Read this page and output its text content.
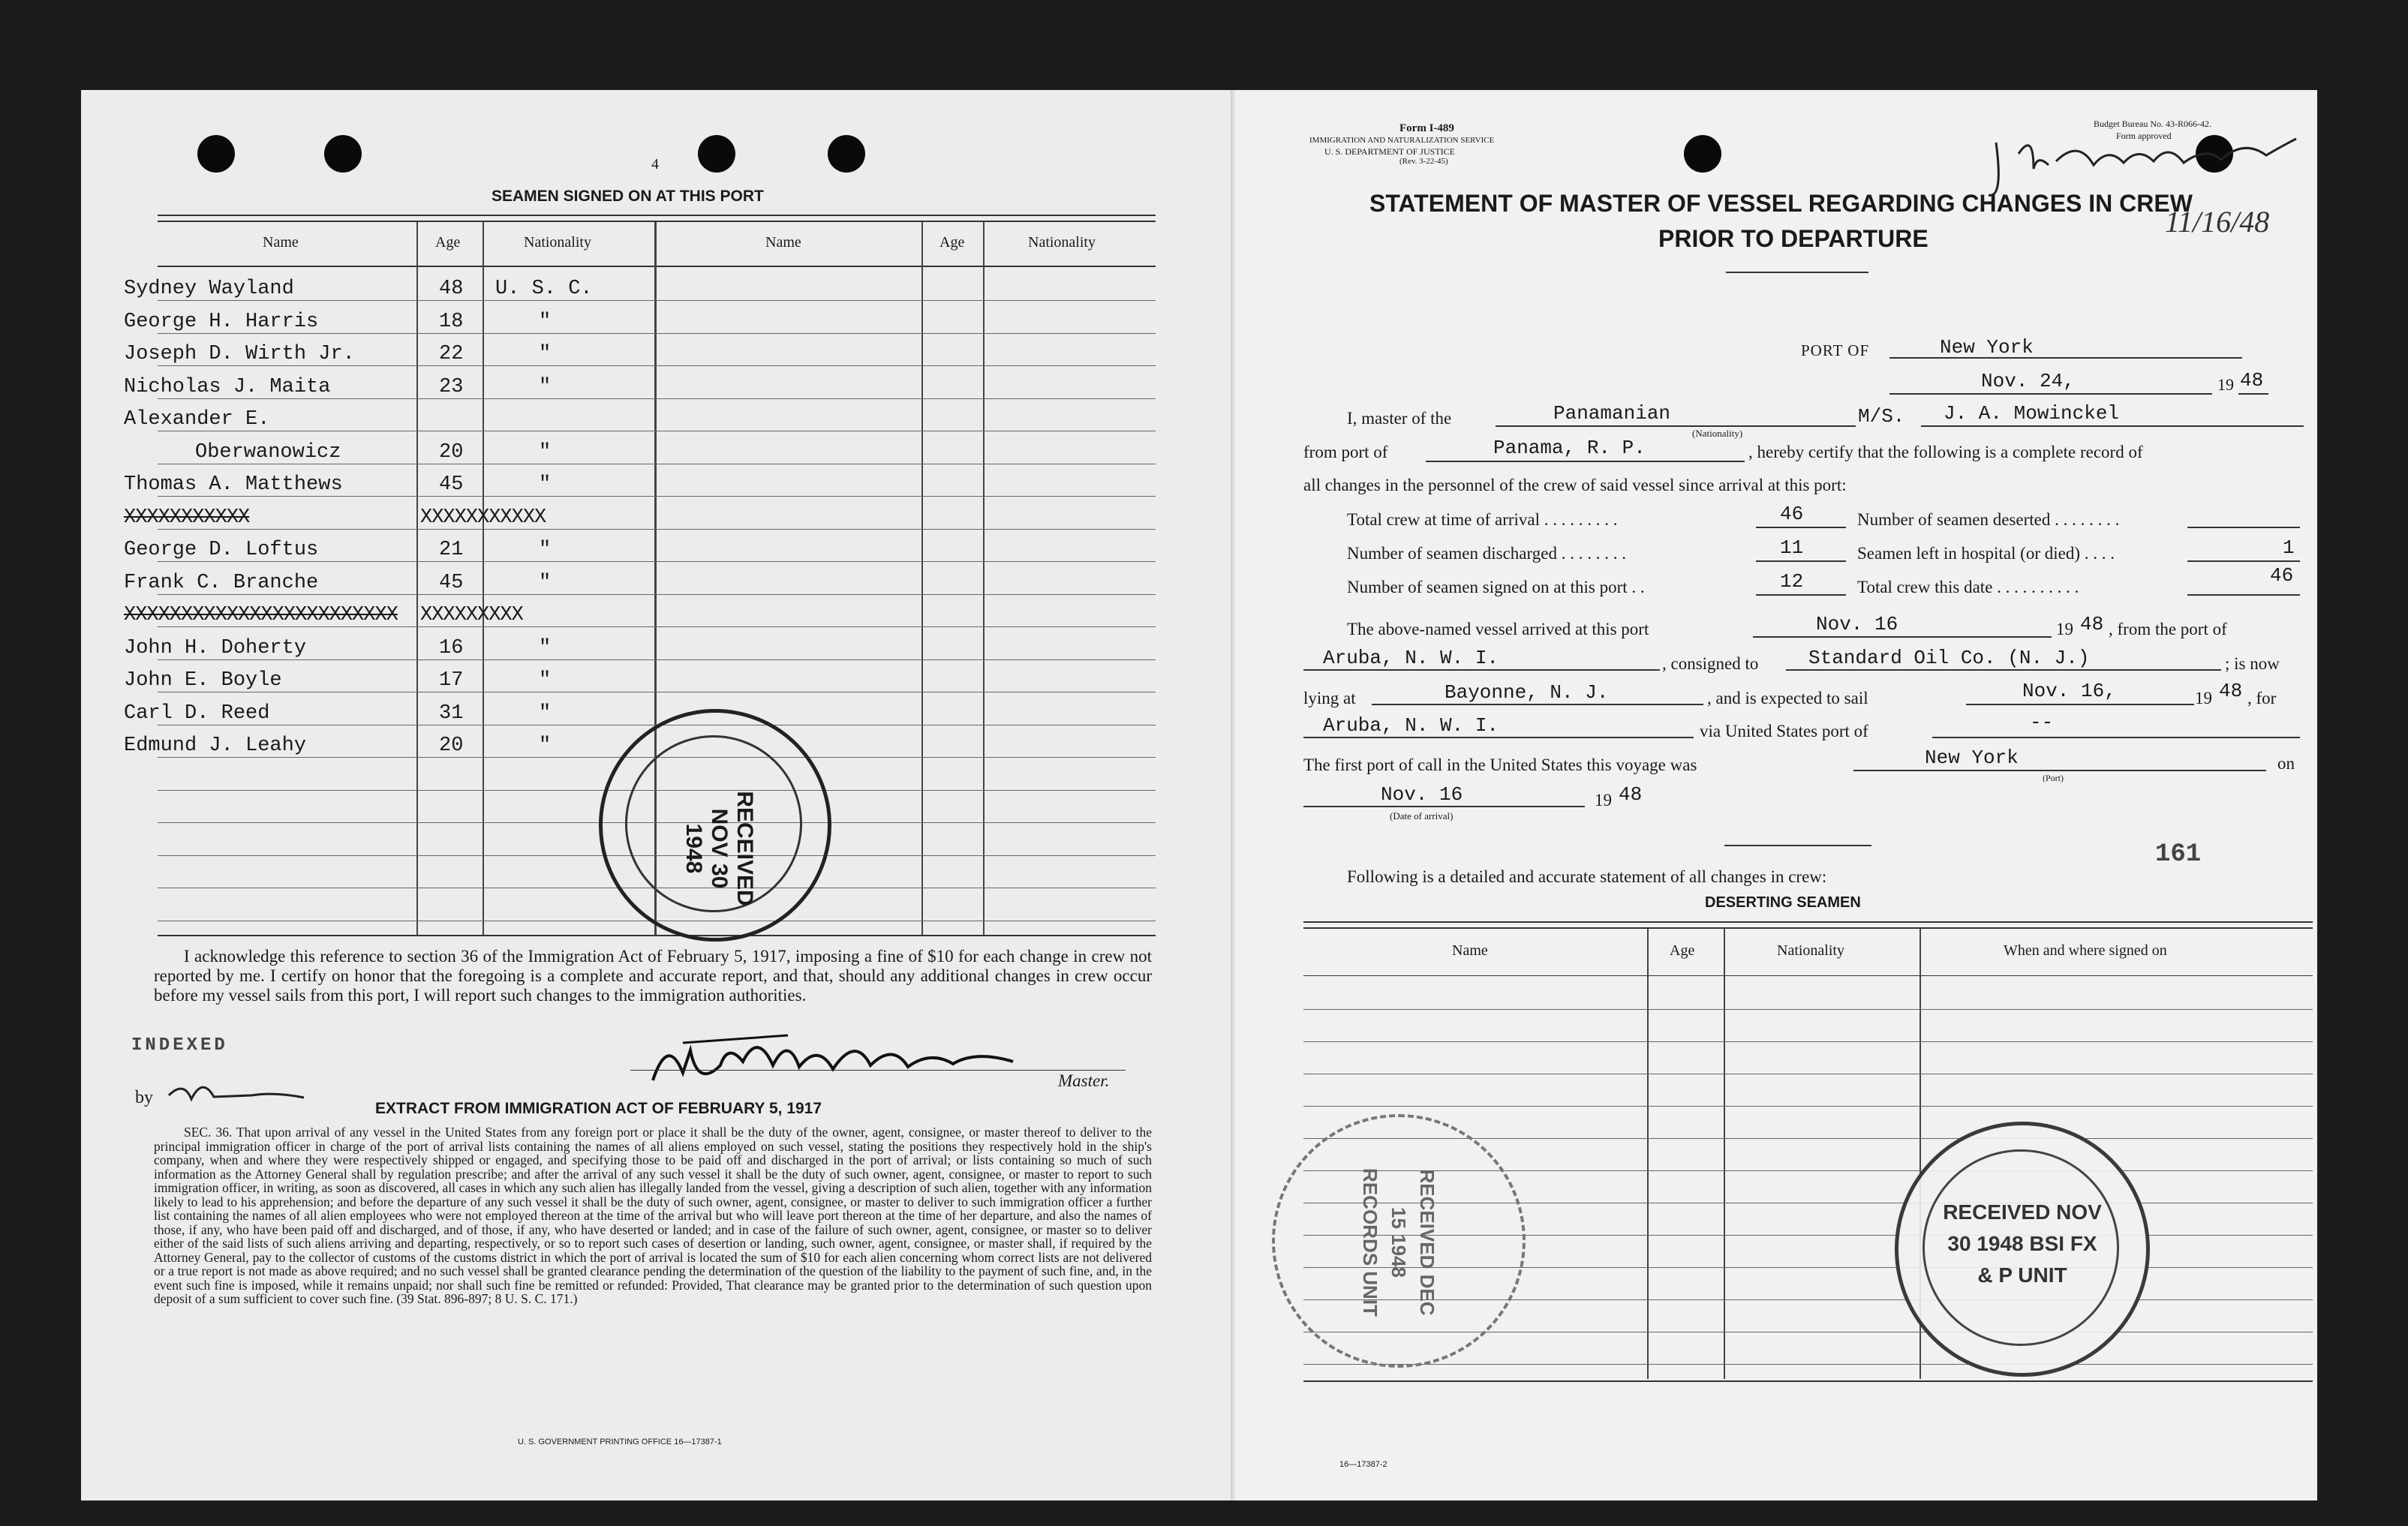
4
SEAMEN SIGNED ON AT THIS PORT
Name	Age	Nationality	Name	Age	Nationality
Sydney Wayland	48 U. S. C.
George H. Harris	18	"
Joseph D. Wirth Jr.	22	"
Nicholas J. Maita	23	"
Alexander E.
Oberwanowicz	20	"
Thomas A. Matthews	45	"
XXXXXXXXXXX	XXXXXXXXXXX
George D. Loftus	21	"
Frank C. Branche	45	"
XXXXXXXXXXXXXXXXXXXXXXXX XXXXXXXXX
John H. Doherty	16	"
John E. Boyle	17	"
Carl D. Reed	31	"
Edmund J. Leahy	20	"
RECEIVED NOV 30 1948
I acknowledge this reference to section 36 of the Immigration Act of February 5, 1917, imposing a fine of $10 for each change in crew not reported by me. I certify on honor that the foregoing is a complete and accurate report, and that, should any additional changes in crew occur before my vessel sails from this port, I will report such changes to the immigration authorities.
INDEXED
by
Master.
EXTRACT FROM IMMIGRATION ACT OF FEBRUARY 5, 1917
SEC. 36. That upon arrival of any vessel in the United States from any foreign port or place it shall be the duty of the owner, agent, consignee, or master thereof to deliver to the principal immigration officer in charge of the port of arrival lists containing the names of all aliens employed on such vessel, stating the positions they respectively hold in the ship's company, when and where they were respectively shipped or engaged, and specifying those to be paid off and discharged in the port of arrival; or lists containing so much of such information as the Attorney General shall by regulation prescribe; and after the arrival of any such vessel it shall be the duty of such owner, agent, consignee, or master to report to such immigration officer, in writing, as soon as discovered, all cases in which any such alien has illegally landed from the vessel, giving a description of such alien, together with any information likely to lead to his apprehension; and before the departure of any such vessel it shall be the duty of such owner, agent, consignee, or master to deliver to such immigration officer a further list containing the names of all alien employees who were not employed thereon at the time of the arrival but who will leave port thereon at the time of her departure, and also the names of those, if any, who have been paid off and discharged, and of those, if any, who have deserted or landed; and in case of the failure of such owner, agent, consignee, or master so to deliver either of the said lists of such aliens arriving and departing, respectively, or so to report such cases of desertion or landing, such owner, agent, consignee, or master shall, if required by the Attorney General, pay to the collector of customs of the customs district in which the port of arrival is located the sum of $10 for each alien concerning whom correct lists are not delivered or a true report is not made as above required; and no such vessel shall be granted clearance pending the determination of the question of the liability to the payment of such fine, and, in the event such fine is imposed, while it remains unpaid; nor shall such fine be remitted or refunded: Provided, That clearance may be granted prior to the determination of such question upon deposit of a sum sufficient to cover such fine. (39 Stat. 896-897; 8 U. S. C. 171.)
U. S. GOVERNMENT PRINTING OFFICE 16—17387-1
Form I-489
IMMIGRATION AND NATURALIZATION SERVICE
U. S. DEPARTMENT OF JUSTICE
(Rev. 3-22-45)
Budget Bureau No. 43-R066-42.
Form approved
11/16/48
STATEMENT OF MASTER OF VESSEL REGARDING CHANGES IN CREW
PRIOR TO DEPARTURE
PORT OF	New York
Nov. 24,	19 48
I, master of the	Panamanian
(Nationality)
M/S. J. A. Mowinckel
from port of	Panama, R. P.	, hereby certify that the following is a complete record of
all changes in the personnel of the crew of said vessel since arrival at this port:
Total crew at time of arrival . . . . . . . . .	46	Number of seamen deserted . . . . . . . .
Number of seamen discharged . . . . . . . .	11	Seamen left in hospital (or died) . . . .	1
Number of seamen signed on at this port . .	12	Total crew this date . . . . . . . . . .
46
The above-named vessel arrived at this port	Nov. 16	19 48 , from the port of
Aruba, N. W. I.	, consigned to	Standard Oil Co. (N. J.)	; is now
lying at	Bayonne, N. J.	, and is expected to sail	Nov. 16,	19 48 , for
Aruba, N. W. I.	via United States port of	--
The first port of call in the United States this voyage was	New York
(Port)
on
Nov. 16	19 48
(Date of arrival)
161
Following is a detailed and accurate statement of all changes in crew:
DESERTING SEAMEN
Name	Age	Nationality	When and where signed on
RECEIVED NOV 30 1948 BSI FX & P UNIT
RECEIVED DEC 15 1948 RECORDS UNIT
16—17387-2
